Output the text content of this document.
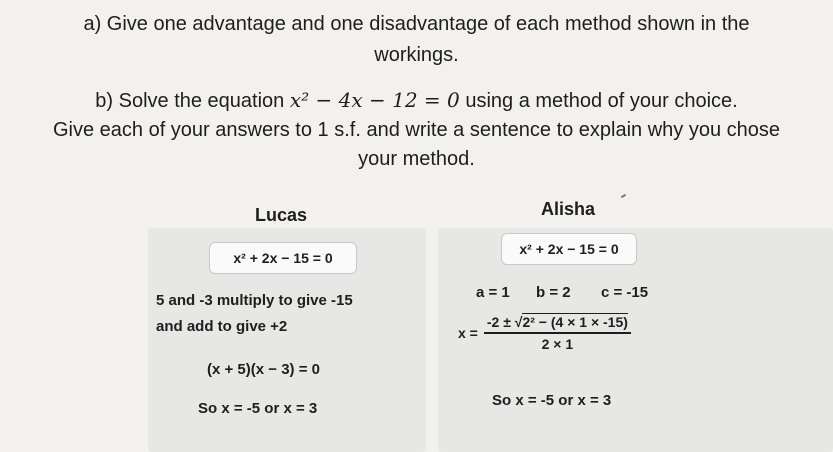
a) Give one advantage and one disadvantage of each method shown in the
workings.
b) Solve the equation x² − 4x − 12 = 0 using a method of your choice.
Give each of your answers to 1 s.f. and write a sentence to explain why you chose
your method.
Lucas	Alisha
x² + 2x − 15 = 0
5 and -3 multiply to give -15
and add to give +2
(x + 5)(x − 3) = 0
So x = -5 or x = 3
x² + 2x − 15 = 0
a = 1 b = 2 c = -15
$x = \frac{\text{-2 ± √2² − (4 × 1 × -15)}}{2 \times 1}$
So x = -5 or x = 3
